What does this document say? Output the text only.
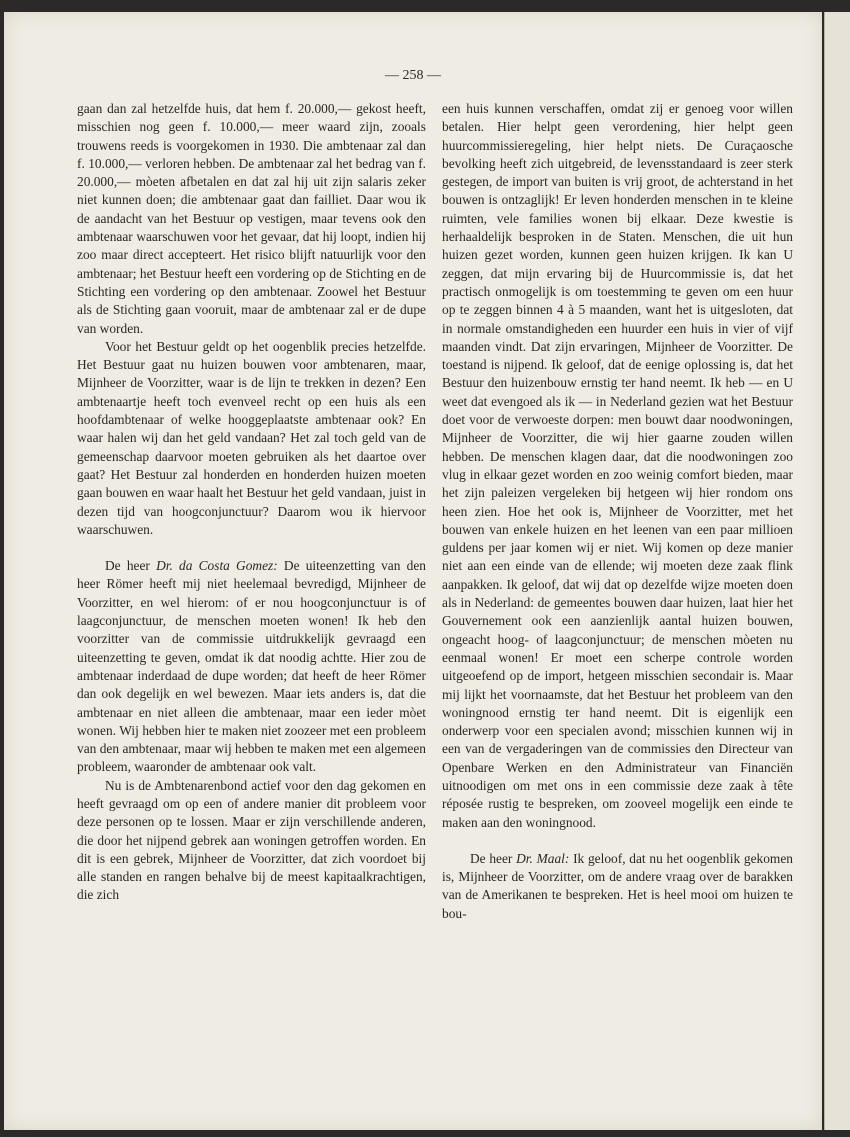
— 258 —

gaan dan zal hetzelfde huis, dat hem f. 20.000,— gekost heeft, misschien nog geen f. 10.000,— meer waard zijn, zooals trouwens reeds is voorgekomen in 1930. Die ambtenaar zal dan f. 10.000,— verloren hebben. De ambtenaar zal het bedrag van f. 20.000,— mòeten afbetalen en dat zal hij uit zijn salaris zeker niet kunnen doen; die ambtenaar gaat dan failliet. Daar wou ik de aandacht van het Bestuur op vestigen, maar tevens ook den ambtenaar waarschuwen voor het gevaar, dat hij loopt, indien hij zoo maar direct accepteert. Het risico blijft natuurlijk voor den ambtenaar; het Bestuur heeft een vordering op de Stichting en de Stichting een vordering op den ambtenaar. Zoowel het Bestuur als de Stichting gaan vooruit, maar de ambtenaar zal er de dupe van worden.

Voor het Bestuur geldt op het oogenblik precies hetzelfde. Het Bestuur gaat nu huizen bouwen voor ambtenaren, maar, Mijnheer de Voorzitter, waar is de lijn te trekken in dezen? Een ambtenaartje heeft toch evenveel recht op een huis als een hoofdambtenaar of welke hooggeplaatste ambtenaar ook? En waar halen wij dan het geld vandaan? Het zal toch geld van de gemeenschap daarvoor moeten gebruiken als het daartoe over gaat? Het Bestuur zal honderden en honderden huizen moeten gaan bouwen en waar haalt het Bestuur het geld vandaan, juist in dezen tijd van hoogconjunctuur? Daarom wou ik hiervoor waarschuwen.

De heer Dr. da Costa Gomez: De uiteenzetting van den heer Römer heeft mij niet heelemaal bevredigd, Mijnheer de Voorzitter, en wel hierom: of er nou hoogconjunctuur is of laagconjunctuur, de menschen moeten wonen! Ik heb den voorzitter van de commissie uitdrukkelijk gevraagd een uiteenzetting te geven, omdat ik dat noodig achtte. Hier zou de ambtenaar inderdaad de dupe worden; dat heeft de heer Römer dan ook degelijk en wel bewezen. Maar iets anders is, dat die ambtenaar en niet alleen die ambtenaar, maar een ieder mòet wonen. Wij hebben hier te maken niet zoozeer met een probleem van den ambtenaar, maar wij hebben te maken met een algemeen probleem, waaronder de ambtenaar ook valt.

Nu is de Ambtenarenbond actief voor den dag gekomen en heeft gevraagd om op een of andere manier dit probleem voor deze personen op te lossen. Maar er zijn verschillende anderen, die door het nijpend gebrek aan woningen getroffen worden. En dit is een gebrek, Mijnheer de Voorzitter, dat zich voordoet bij alle standen en rangen behalve bij de meest kapitaalkrachtigen, die zich

een huis kunnen verschaffen, omdat zij er genoeg voor willen betalen. Hier helpt geen verordening, hier helpt geen huurcommissieregeling, hier helpt niets. De Curaçaosche bevolking heeft zich uitgebreid, de levensstandaard is zeer sterk gestegen, de import van buiten is vrij groot, de achterstand in het bouwen is ontzaglijk! Er leven honderden menschen in te kleine ruimten, vele families wonen bij elkaar. Deze kwestie is herhaaldelijk besproken in de Staten. Menschen, die uit hun huizen gezet worden, kunnen geen huizen krijgen. Ik kan U zeggen, dat mijn ervaring bij de Huurcommissie is, dat het practisch onmogelijk is om toestemming te geven om een huur op te zeggen binnen 4 à 5 maanden, want het is uitgesloten, dat in normale omstandigheden een huurder een huis in vier of vijf maanden vindt. Dat zijn ervaringen, Mijnheer de Voorzitter. De toestand is nijpend. Ik geloof, dat de eenige oplossing is, dat het Bestuur den huizenbouw ernstig ter hand neemt. Ik heb — en U weet dat evengoed als ik — in Nederland gezien wat het Bestuur doet voor de verwoeste dorpen: men bouwt daar noodwoningen, Mijnheer de Voorzitter, die wij hier gaarne zouden willen hebben. De menschen klagen daar, dat die noodwoningen zoo vlug in elkaar gezet worden en zoo weinig comfort bieden, maar het zijn paleizen vergeleken bij hetgeen wij hier rondom ons heen zien. Hoe het ook is, Mijnheer de Voorzitter, met het bouwen van enkele huizen en het leenen van een paar millioen guldens per jaar komen wij er niet. Wij komen op deze manier niet aan een einde van de ellende; wij moeten deze zaak flink aanpakken. Ik geloof, dat wij dat op dezelfde wijze moeten doen als in Nederland: de gemeentes bouwen daar huizen, laat hier het Gouvernement ook een aanzienlijk aantal huizen bouwen, ongeacht hoog- of laagconjunctuur; de menschen mòeten nu eenmaal wonen! Er moet een scherpe controle worden uitgeoefend op de import, hetgeen misschien secondair is. Maar mij lijkt het voornaamste, dat het Bestuur het probleem van den woningnood ernstig ter hand neemt. Dit is eigenlijk een onderwerp voor een specialen avond; misschien kunnen wij in een van de vergaderingen van de commissies den Directeur van Openbare Werken en den Administrateur van Financiën uitnoodigen om met ons in een commissie deze zaak à tête réposée rustig te bespreken, om zooveel mogelijk een einde te maken aan den woningnood.

De heer Dr. Maal: Ik geloof, dat nu het oogenblik gekomen is, Mijnheer de Voorzitter, om de andere vraag over de barakken van de Amerikanen te bespreken. Het is heel mooi om huizen te bou-
